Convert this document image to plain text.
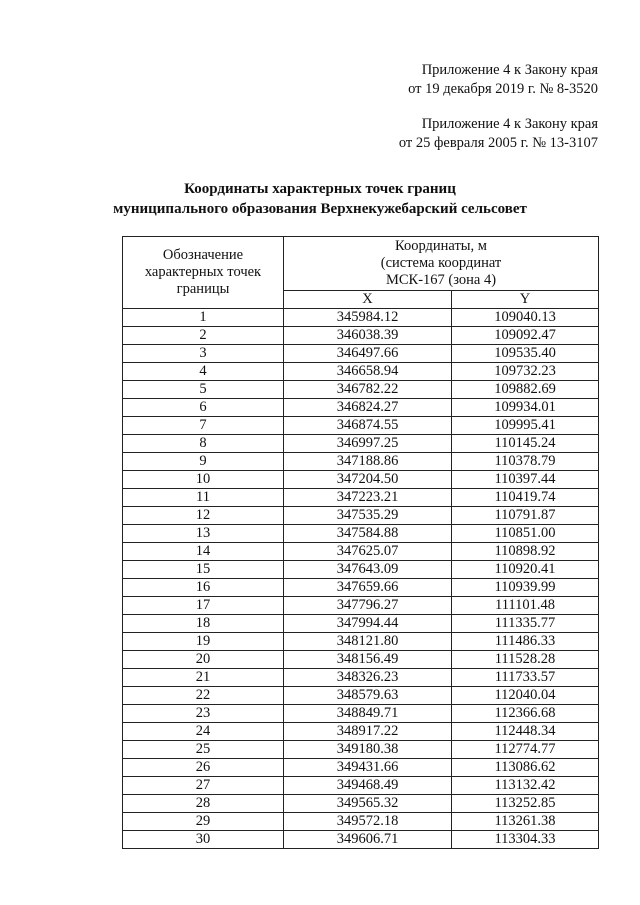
Приложение 4 к Закону края
от 19 декабря 2019 г. № 8-3520
Приложение 4 к Закону края
от 25 февраля 2005 г. № 13-3107
Координаты характерных точек границ
муниципального образования Верхнекужебарский сельсовет
Обозначение характерных точек границы	Координаты, м
(система координат
МСК-167 (зона 4)	

	X	Y
1	345984.12	109040.13
2	346038.39	109092.47
3	346497.66	109535.40
4	346658.94	109732.23
5	346782.22	109882.69
6	346824.27	109934.01
7	346874.55	109995.41
8	346997.25	110145.24
9	347188.86	110378.79
10	347204.50	110397.44
11	347223.21	110419.74
12	347535.29	110791.87
13	347584.88	110851.00
14	347625.07	110898.92
15	347643.09	110920.41
16	347659.66	110939.99
17	347796.27	111101.48
18	347994.44	111335.77
19	348121.80	111486.33
20	348156.49	111528.28
21	348326.23	111733.57
22	348579.63	112040.04
23	348849.71	112366.68
24	348917.22	112448.34
25	349180.38	112774.77
26	349431.66	113086.62
27	349468.49	113132.42
28	349565.32	113252.85
29	349572.18	113261.38
30	349606.71	113304.33
